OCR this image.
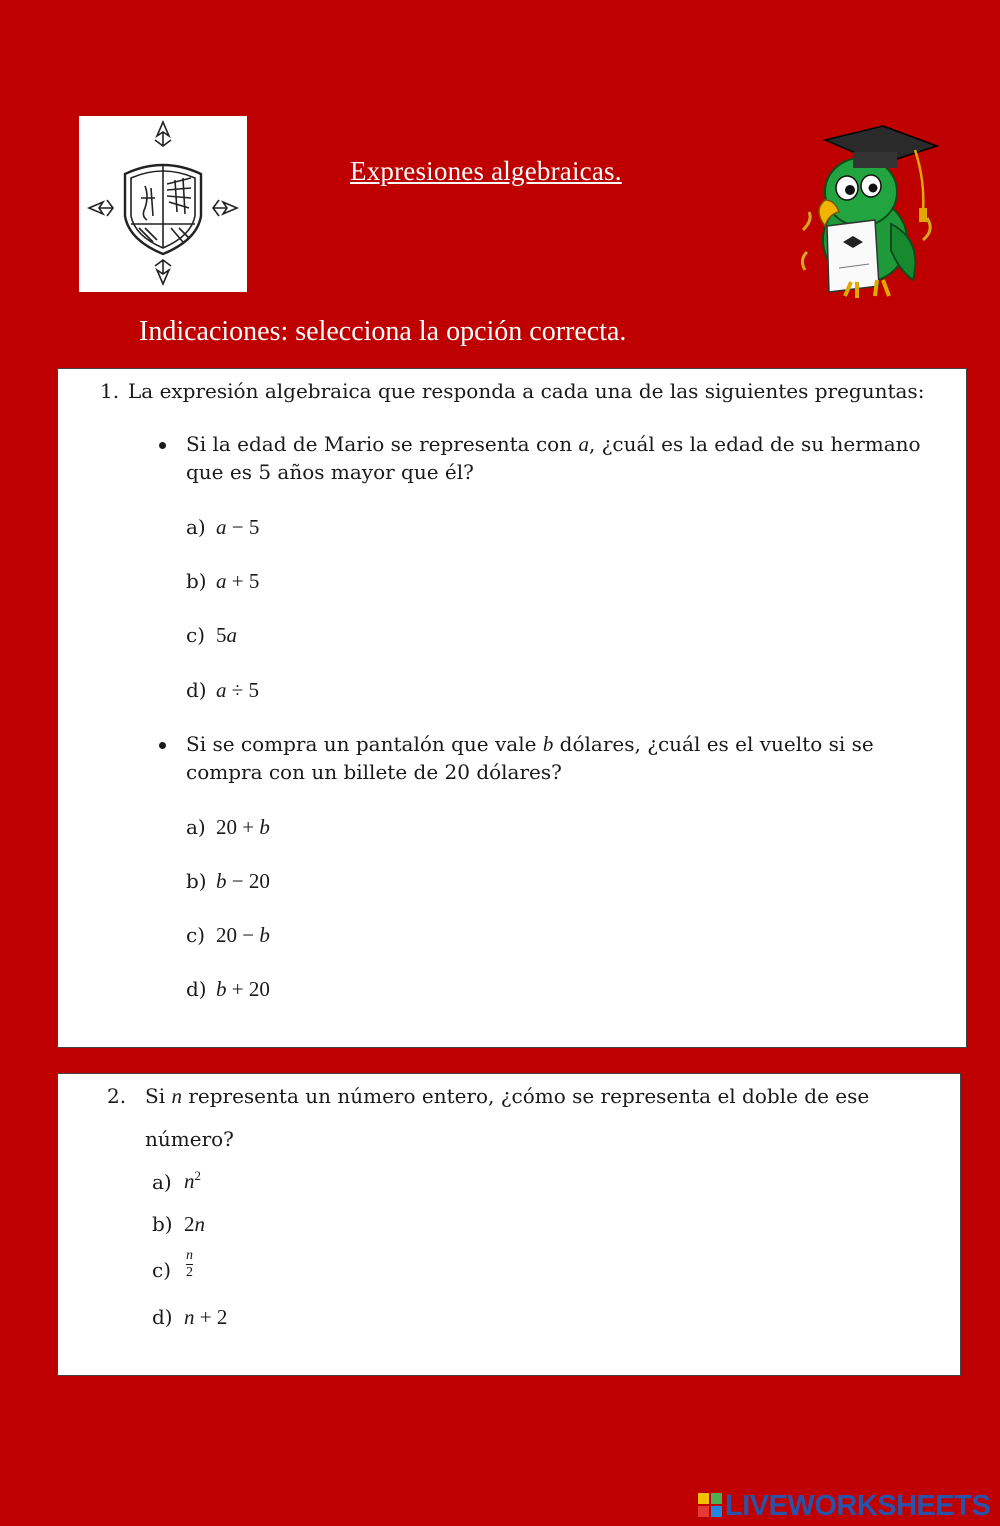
Expresiones algebraicas.
Indicaciones: selecciona la opción correcta.
1. La expresión algebraica que responda a cada una de las siguientes preguntas:
Si la edad de Mario se representa con a, ¿cuál es la edad de su hermano
que es 5 años mayor que él?
a) a − 5
b) a + 5
c) 5a
d) a ÷ 5
Si se compra un pantalón que vale b dólares, ¿cuál es el vuelto si se
compra con un billete de 20 dólares?
a) 20 + b
b) b − 20
c) 20 − b
d) b + 20
2. Si n representa un número entero, ¿cómo se representa el doble de ese
número?
a) $n^2$
b) 2n
$c) \frac{n}{2}$
d) n + 2
LIVEWORKSHEETS
